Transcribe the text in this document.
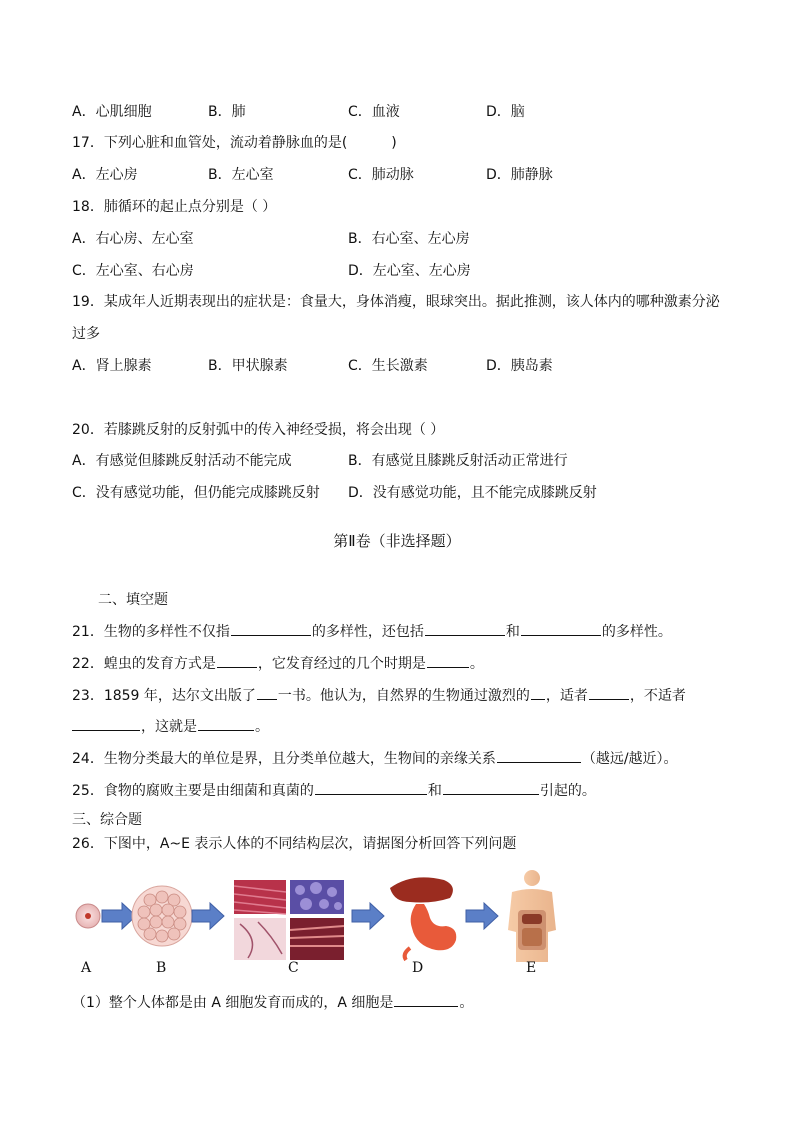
A．心肌细胞	B．肺	C．血液	D．脑
17．下列心脏和血管处，流动着静脉血的是(	)
A．左心房	B．左心室	C．肺动脉	D．肺静脉
18．肺循环的起止点分别是（ ）
A．右心房、左心室	B．右心室、左心房
C．左心室、右心房	D．左心室、左心房
19．某成年人近期表现出的症状是：食量大，身体消瘦，眼球突出。据此推测，该人体内的哪种激素分泌
过多
A．肾上腺素	B．甲状腺素	C．生长激素	D．胰岛素
20．若膝跳反射的反射弧中的传入神经受损，将会出现（ ）
A．有感觉但膝跳反射活动不能完成	B．有感觉且膝跳反射活动正常进行
C．没有感觉功能，但仍能完成膝跳反射 D．没有感觉功能，且不能完成膝跳反射
第Ⅱ卷（非选择题）
二、填空题
21．生物的多样性不仅指	的多样性，还包括	和	的多样性。
22．蝗虫的发育方式是	，它发育经过的几个时期是	。
23．1859 年，达尔文出版了 一书。他认为，自然界的生物通过激烈的 ，适者	，不适者
，这就是	。
24．生物分类最大的单位是界，且分类单位越大，生物间的亲缘关系	（越远/越近）。
25．食物的腐败主要是由细菌和真菌的	和	引起的。
三、综合题
26．下图中，A~E 表示人体的不同结构层次，请据图分析回答下列问题
A	B	C	D	E
（1）整个人体都是由 A 细胞发育而成的，A 细胞是	。
